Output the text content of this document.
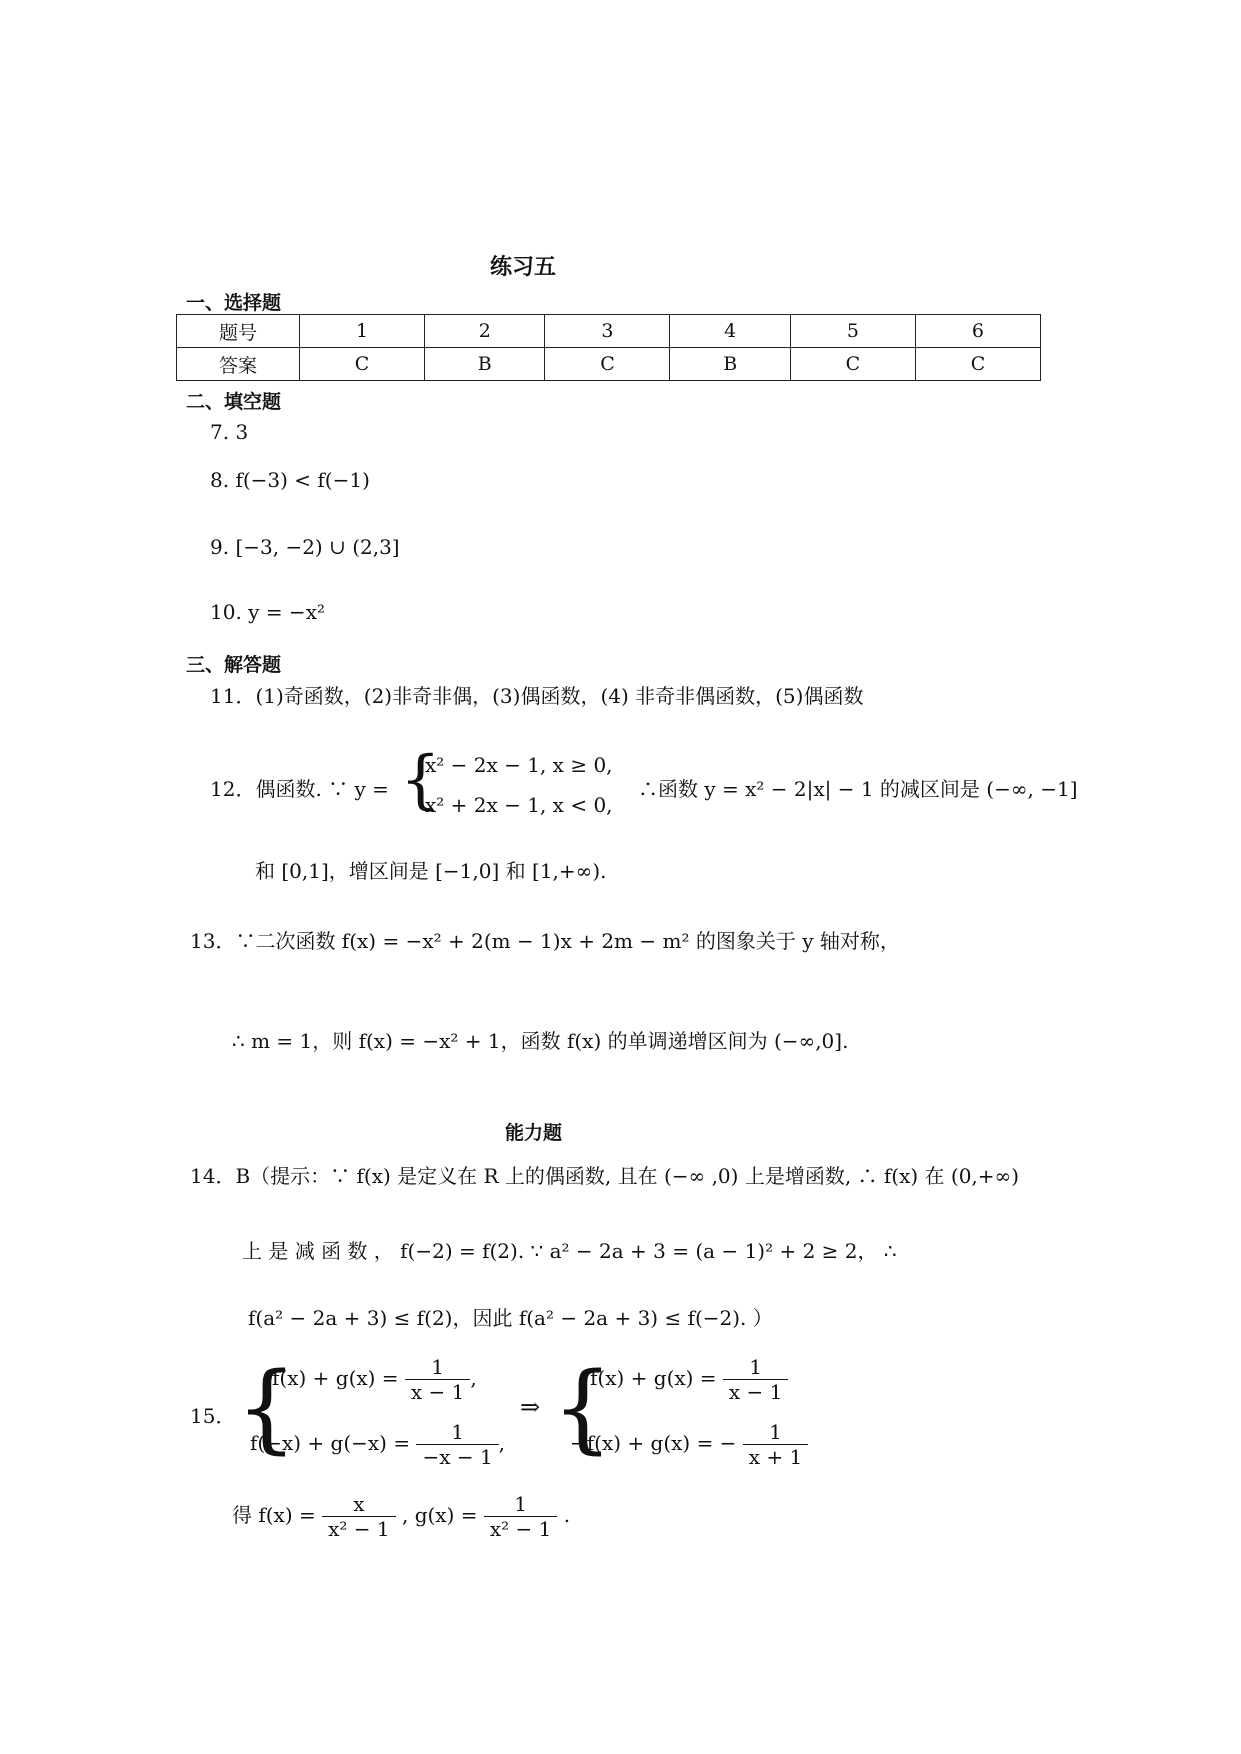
练习五
一、选择题
题号	1	2	3	4	5	6
答案	C	B	C	B	C	C
二、填空题
7. 3
8. f(−3) < f(−1)
9. [−3, −2) ∪ (2,3]
10. y = −x²
三、解答题
11．(1)奇函数，(2)非奇非偶，(3)偶函数，(4) 非奇非偶函数，(5)偶函数
12．偶函数. ∵ y = {
x² − 2x − 1, x ≥ 0,
x² + 2x − 1, x < 0,
∴函数 y = x² − 2|x| − 1 的减区间是 (−∞, −1]
和 [0,1]，增区间是 [−1,0] 和 [1,+∞).
13．∵二次函数 f(x) = −x² + 2(m − 1)x + 2m − m² 的图象关于 y 轴对称，
∴ m = 1，则 f(x) = −x² + 1，函数 f(x) 的单调递增区间为 (−∞,0].
能力题
14．B（提示：∵ f(x) 是定义在 R 上的偶函数, 且在 (−∞ ,0) 上是增函数, ∴ f(x) 在 (0,+∞)
上 是 减 函 数 ， f(−2) = f(2). ∵ a² − 2a + 3 = (a − 1)² + 2 ≥ 2， ∴
f(a² − 2a + 3) ≤ f(2)，因此 f(a² − 2a + 3) ≤ f(−2). ）
15． {
$f(x) + g(x) = \frac{1}{x - 1}$ ,
$f(-x) + g(-x) = \frac{1}{-x - 1}$ ,
⇒ {
$f(x) + g(x) = \frac{1}{x - 1}$
−f(x) + g(x) = − $\frac{1}{x + 1}$
得 $f(x) = \frac{x}{\text{x² − 1}}$ , $g(x) = \frac{1}{\text{x² − 1}}$ .
